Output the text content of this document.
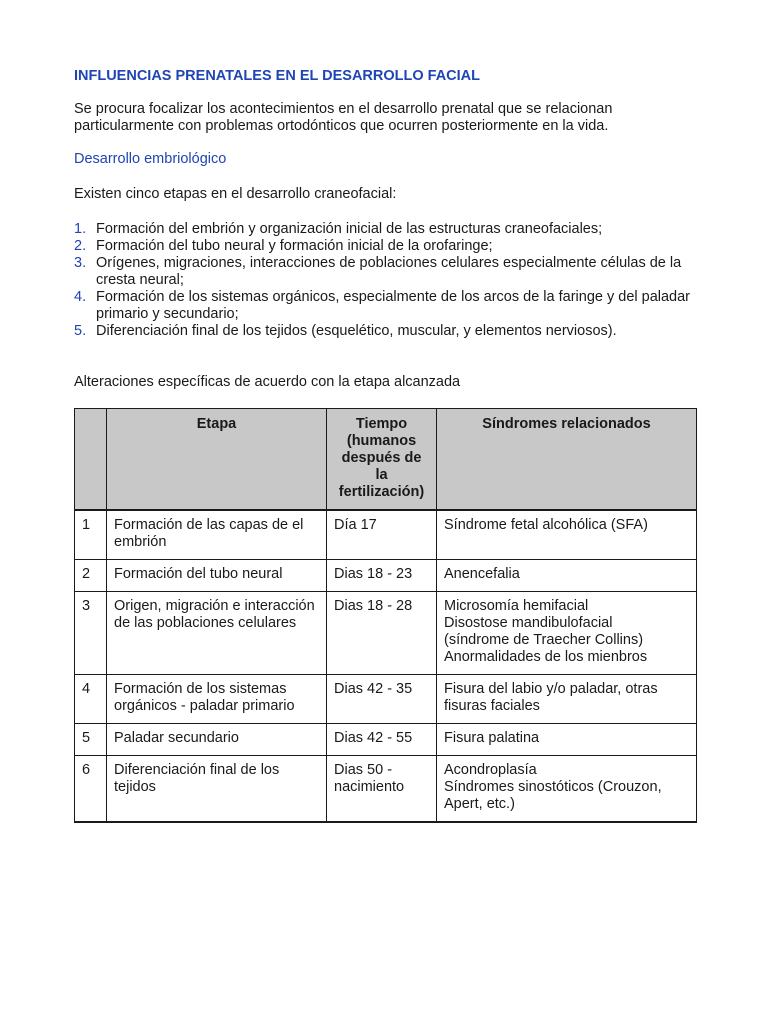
INFLUENCIAS PRENATALES EN EL DESARROLLO FACIAL

Se procura focalizar los acontecimientos en el desarrollo prenatal que se relacionan particularmente con problemas ortodónticos que ocurren posteriormente en la vida.

Desarrollo embriológico

Existen cinco etapas en el desarrollo craneofacial:

1. Formación del embrión y organización inicial de las estructuras craneofaciales;
2. Formación del tubo neural y formación inicial de la orofaringe;
3. Orígenes, migraciones, interacciones de poblaciones celulares especialmente células de la cresta neural;
4. Formación de los sistemas orgánicos, especialmente de los arcos de la faringe y del paladar primario y secundario;
5. Diferenciación final de los tejidos (esquelético, muscular, y elementos nerviosos).

Alteraciones específicas de acuerdo con la etapa alcanzada

	Etapa	Tiempo (humanos después de la fertilización)	Síndromes relacionados
1	Formación de las capas de el embrión	Día 17	Síndrome fetal alcohólica (SFA)

2	Formación del tubo neural	Dias 18 - 23	Anencefalia

3	Origen, migración e interacción de las poblaciones celulares	Dias 18 - 28	Microsomía hemifacial
Disostose mandibulofacial
(síndrome de Traecher Collins)
Anormalidades de los mienbros

4	Formación de los sistemas orgánicos - paladar primario	Dias 42 - 35	Fisura del labio y/o paladar, otras fisuras faciales

5	Paladar secundario	Dias 42 - 55	Fisura palatina

6	Diferenciación final de los tejidos	Dias 50 - nacimiento	Acondroplasía
Síndromes sinostóticos (Crouzon, Apert, etc.)
